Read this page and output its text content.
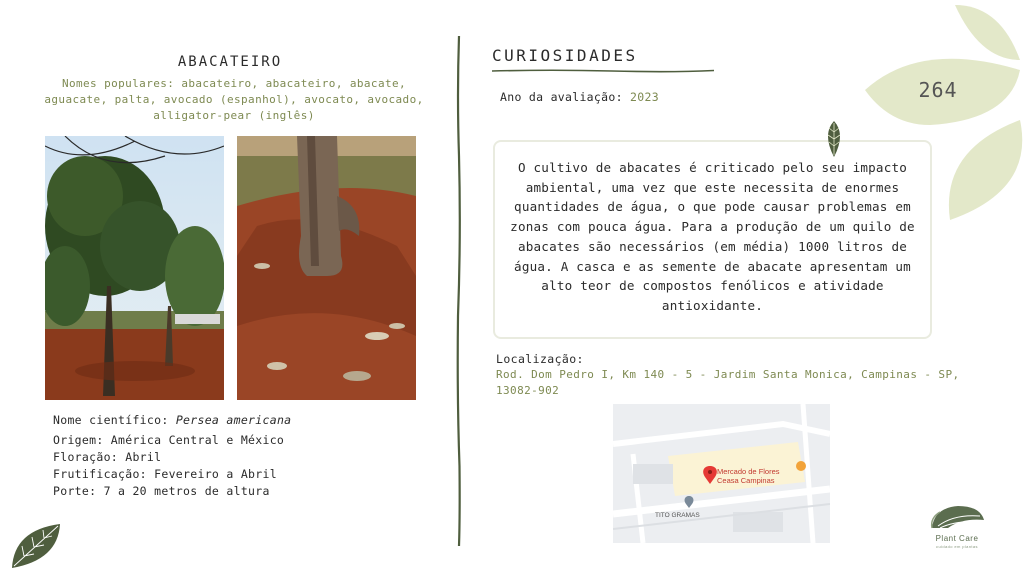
ABACATEIRO
Nomes populares: abacateiro, abacateiro, abacate, aguacate, palta, avocado (espanhol), avocato, avocado, alligator-pear (inglês)
Nome científico: Persea americana
Origem: América Central e México
Floração: Abril
Frutificação: Fevereiro a Abril
Porte: 7 a 20 metros de altura
CURIOSIDADES
Ano da avaliação: 2023	264
O cultivo de abacates é criticado pelo seu impacto ambiental, uma vez que este necessita de enormes quantidades de água, o que pode causar problemas em zonas com pouca água. Para a produção de um quilo de abacates são necessários (em média) 1000 litros de água. A casca e as semente de abacate apresentam um alto teor de compostos fenólicos e atividade antioxidante.
Localização:
Rod. Dom Pedro I, Km 140 - 5 - Jardim Santa Monica, Campinas - SP, 13082-902
Mercado de Flores
Ceasa Campinas
TITO GRAMAS
Plant Care
cuidado em plantas
